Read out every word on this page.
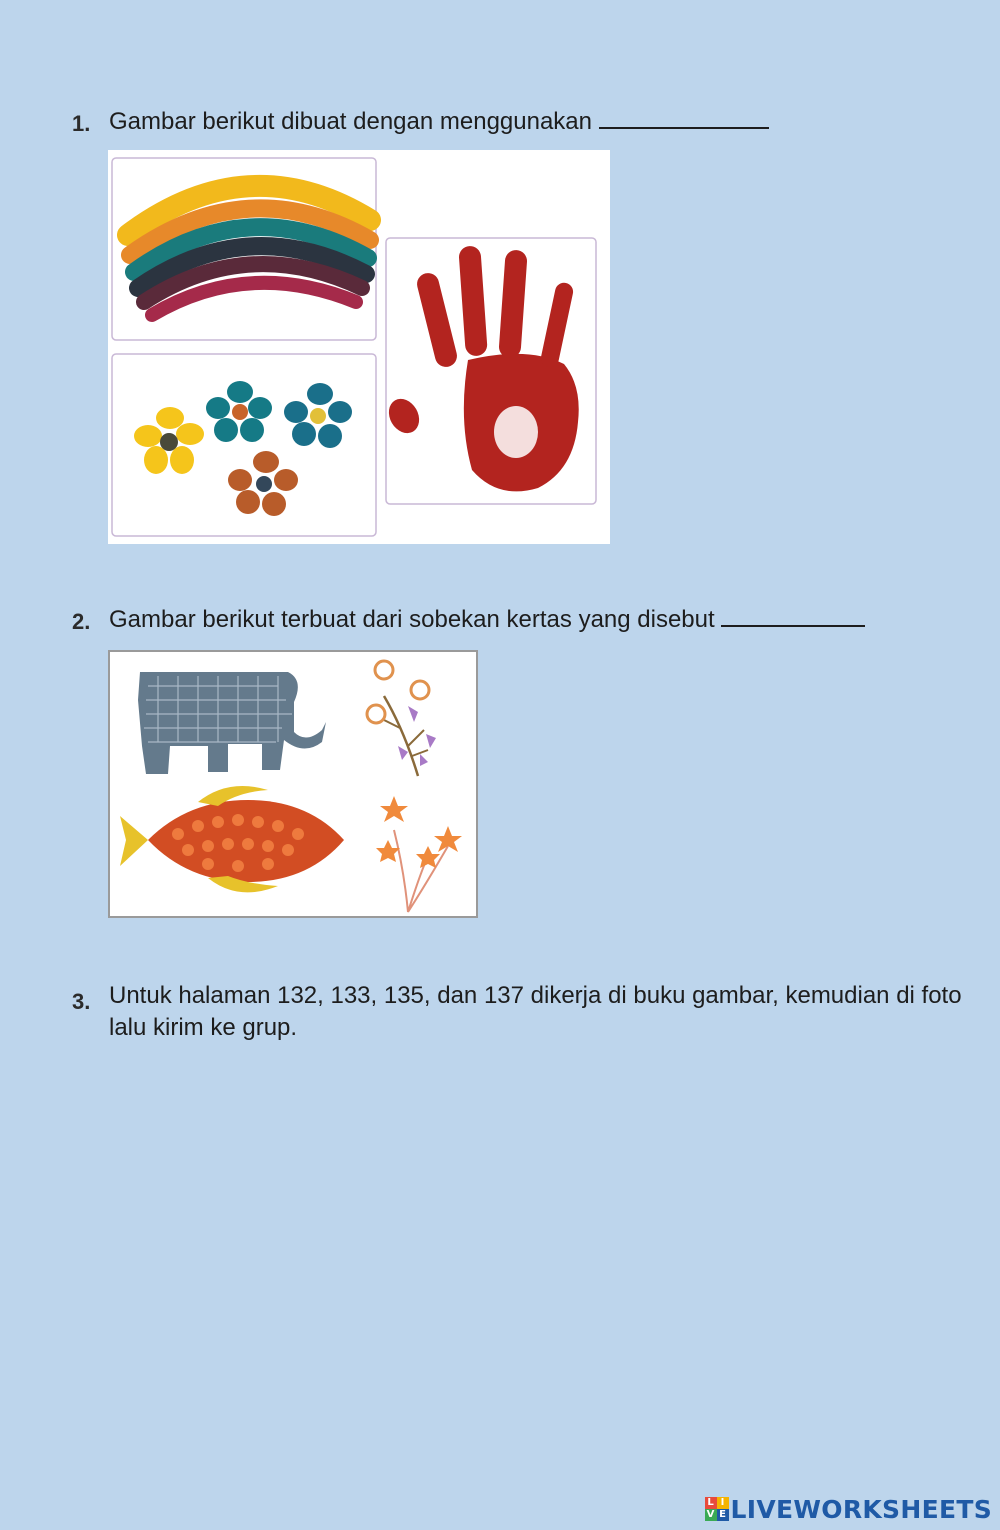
1. Gambar berikut dibuat dengan menggunakan
2. Gambar berikut terbuat dari sobekan kertas yang disebut
3. Untuk halaman 132, 133, 135, dan 137 dikerja di buku gambar, kemudian di foto lalu kirim ke grup.
L I
V E LIVEWORKSHEETS
